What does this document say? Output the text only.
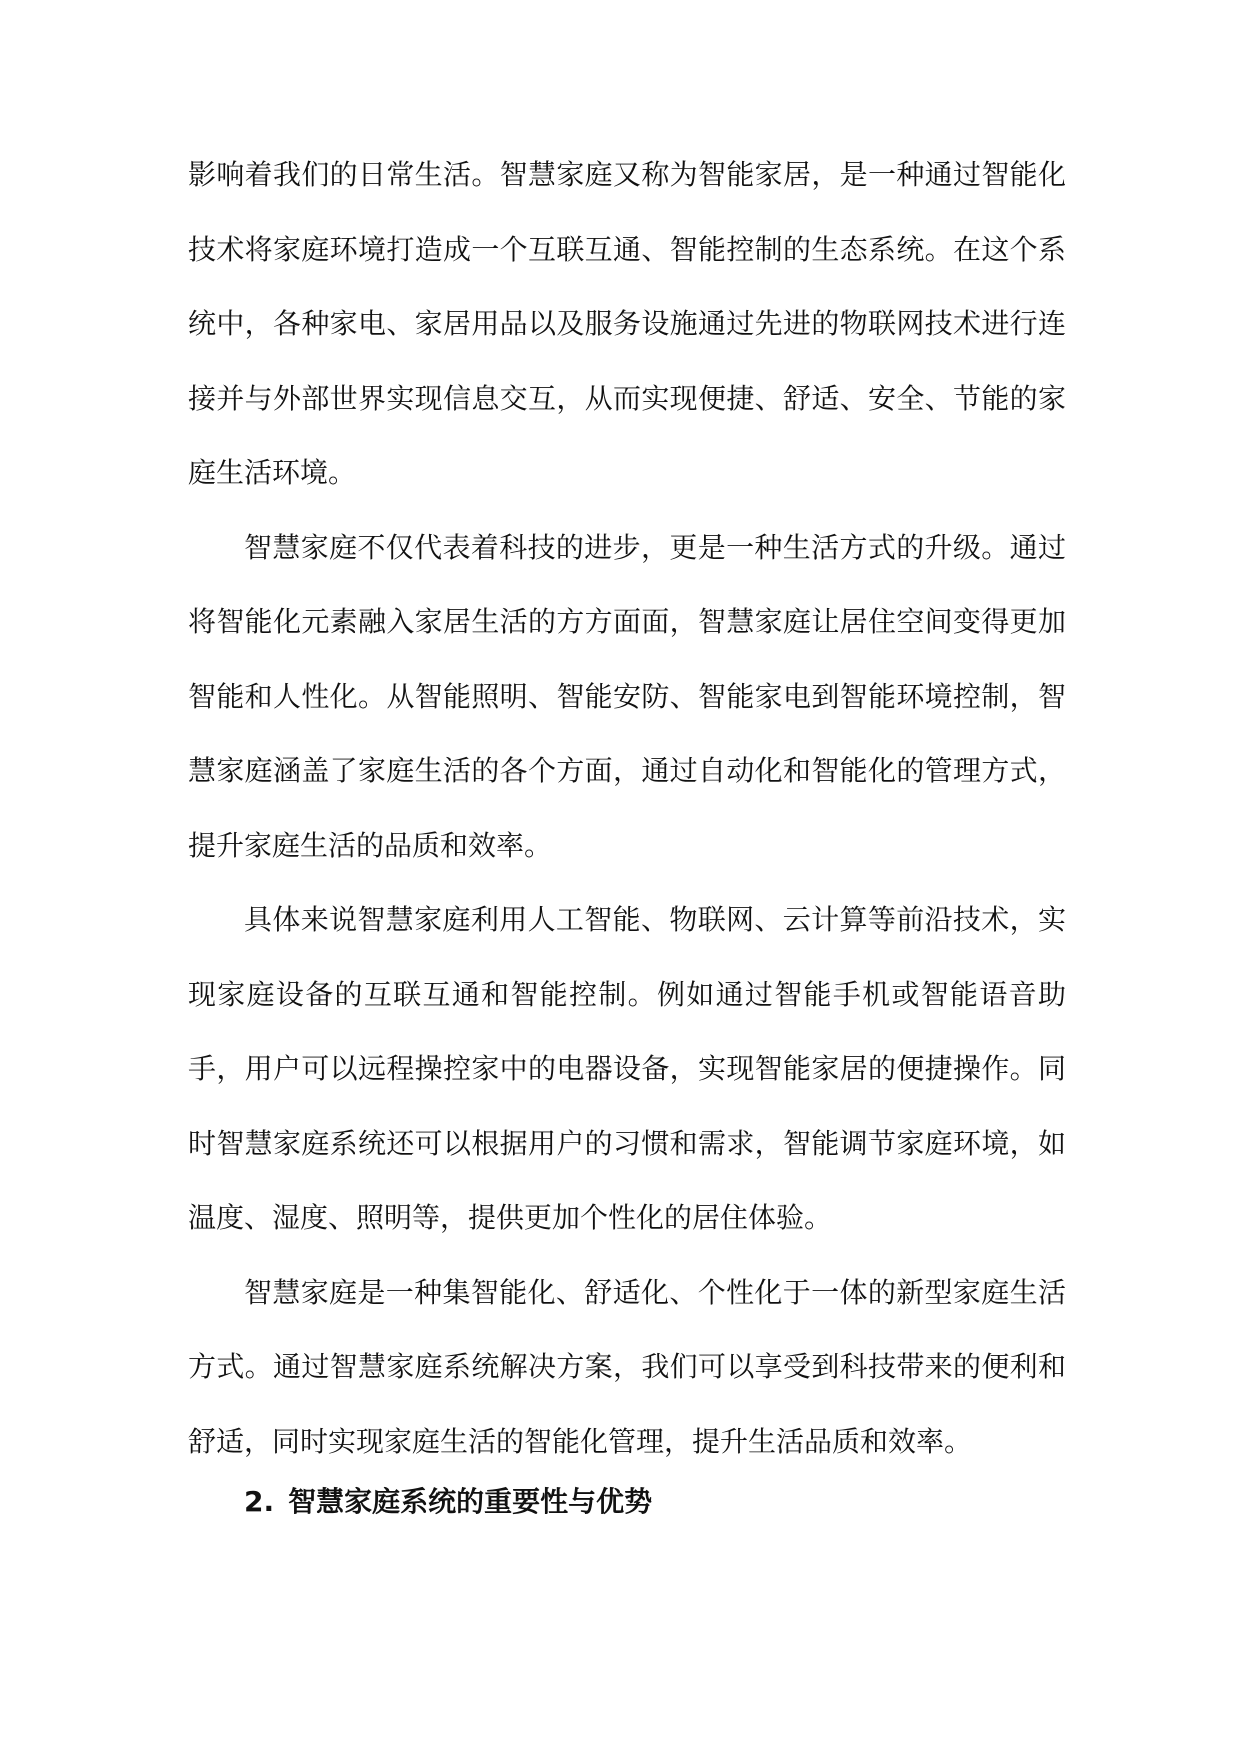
影响着我们的日常生活。智慧家庭又称为智能家居，是一种通过智能化技术将家庭环境打造成一个互联互通、智能控制的生态系统。在这个系统中，各种家电、家居用品以及服务设施通过先进的物联网技术进行连接并与外部世界实现信息交互，从而实现便捷、舒适、安全、节能的家庭生活环境。

智慧家庭不仅代表着科技的进步，更是一种生活方式的升级。通过将智能化元素融入家居生活的方方面面，智慧家庭让居住空间变得更加智能和人性化。从智能照明、智能安防、智能家电到智能环境控制，智慧家庭涵盖了家庭生活的各个方面，通过自动化和智能化的管理方式，提升家庭生活的品质和效率。

具体来说智慧家庭利用人工智能、物联网、云计算等前沿技术，实现家庭设备的互联互通和智能控制。例如通过智能手机或智能语音助手，用户可以远程操控家中的电器设备，实现智能家居的便捷操作。同时智慧家庭系统还可以根据用户的习惯和需求，智能调节家庭环境，如温度、湿度、照明等，提供更加个性化的居住体验。

智慧家庭是一种集智能化、舒适化、个性化于一体的新型家庭生活方式。通过智慧家庭系统解决方案，我们可以享受到科技带来的便利和舒适，同时实现家庭生活的智能化管理，提升生活品质和效率。

2. 智慧家庭系统的重要性与优势
